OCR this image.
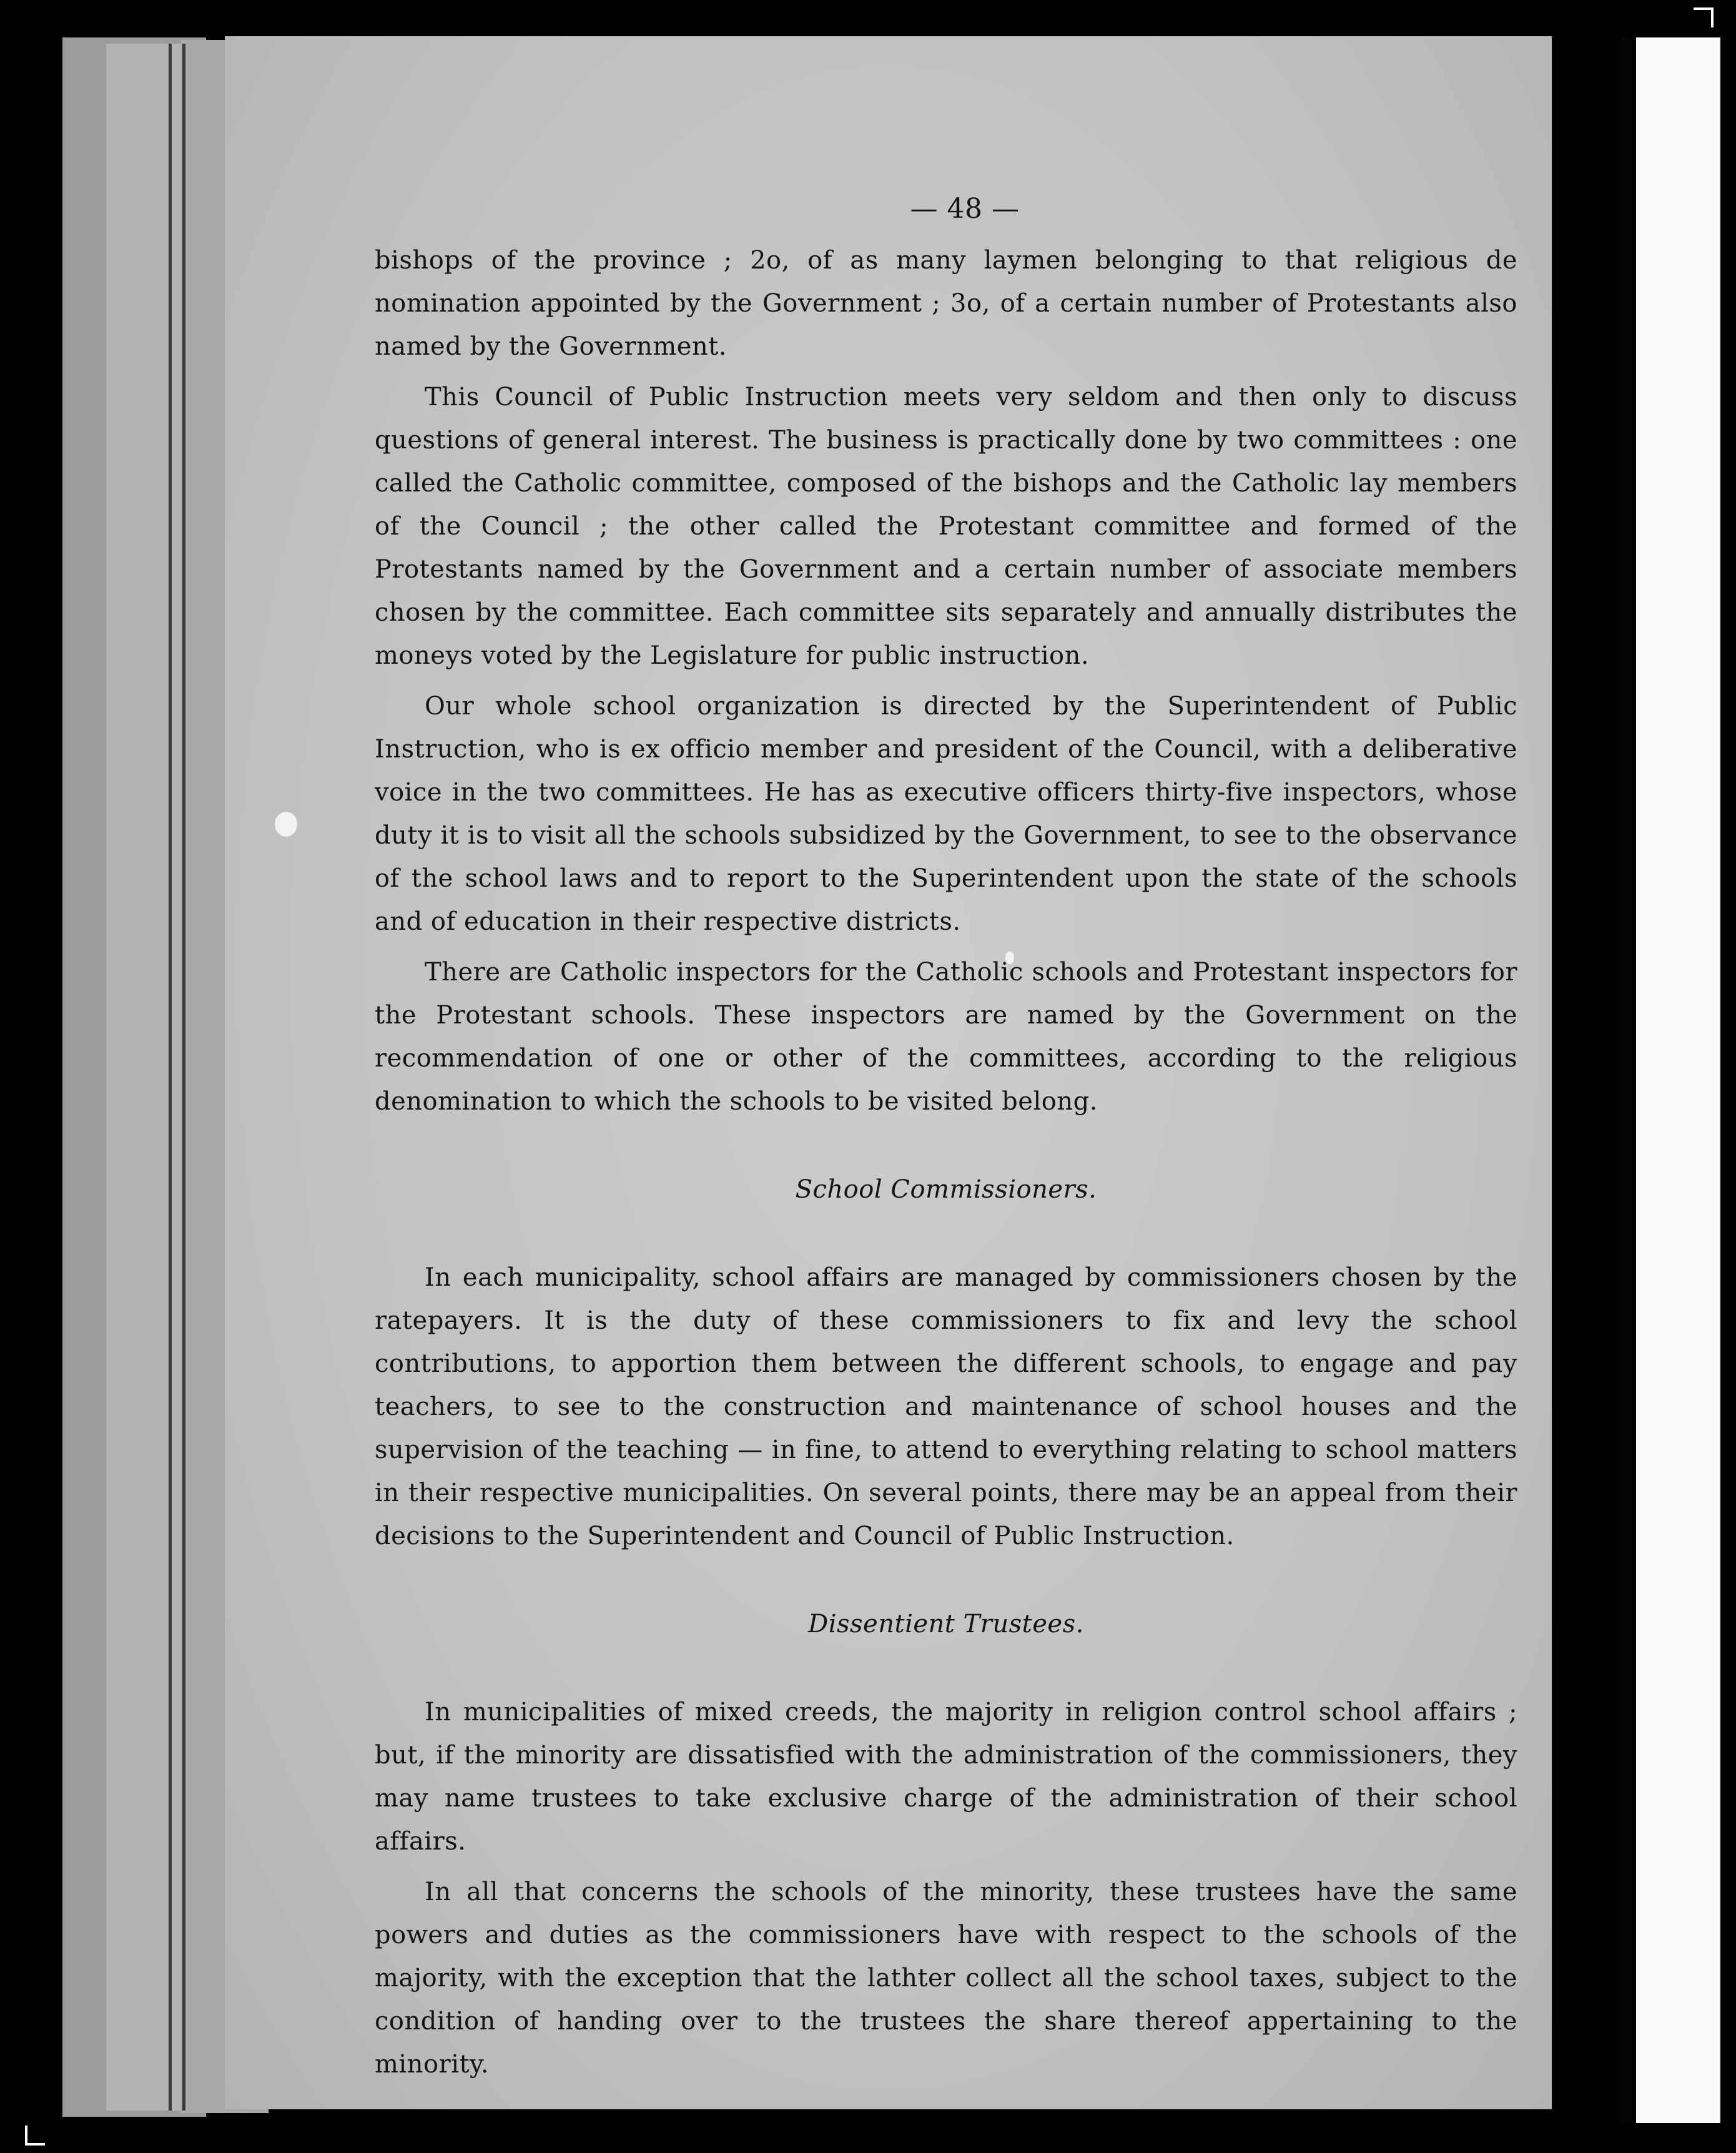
— 48 —

bishops of the province ; 2o, of as many laymen belonging to that religious de nomination appointed by the Government ; 3o, of a certain number of Protestants also named by the Government.

This Council of Public Instruction meets very seldom and then only to discuss questions of general interest. The business is practically done by two committees : one called the Catholic committee, composed of the bishops and the Catholic lay members of the Council ; the other called the Protestant committee and formed of the Protestants named by the Government and a certain number of associate members chosen by the committee. Each committee sits separately and annually distributes the moneys voted by the Legislature for public instruction.

Our whole school organization is directed by the Superintendent of Public Instruction, who is ex officio member and president of the Council, with a deliberative voice in the two committees. He has as executive officers thirty-five inspectors, whose duty it is to visit all the schools subsidized by the Government, to see to the observance of the school laws and to report to the Superintendent upon the state of the schools and of education in their respective districts.

There are Catholic inspectors for the Catholic schools and Protestant inspectors for the Protestant schools. These inspectors are named by the Government on the recommendation of one or other of the committees, according to the religious denomination to which the schools to be visited belong.

School Commissioners.

In each municipality, school affairs are managed by commissioners chosen by the ratepayers. It is the duty of these commissioners to fix and levy the school contributions, to apportion them between the different schools, to engage and pay teachers, to see to the construction and maintenance of school houses and the supervision of the teaching — in fine, to attend to everything relating to school matters in their respective municipalities. On several points, there may be an appeal from their decisions to the Superintendent and Council of Public Instruction.

Dissentient Trustees.

In municipalities of mixed creeds, the majority in religion control school affairs ; but, if the minority are dissatisfied with the administration of the commissioners, they may name trustees to take exclusive charge of the administration of their school affairs.

In all that concerns the schools of the minority, these trustees have the same powers and duties as the commissioners have with respect to the schools of the majority, with the exception that the lathter collect all the school taxes, subject to the condition of handing over to the trustees the share thereof appertaining to the minority.
